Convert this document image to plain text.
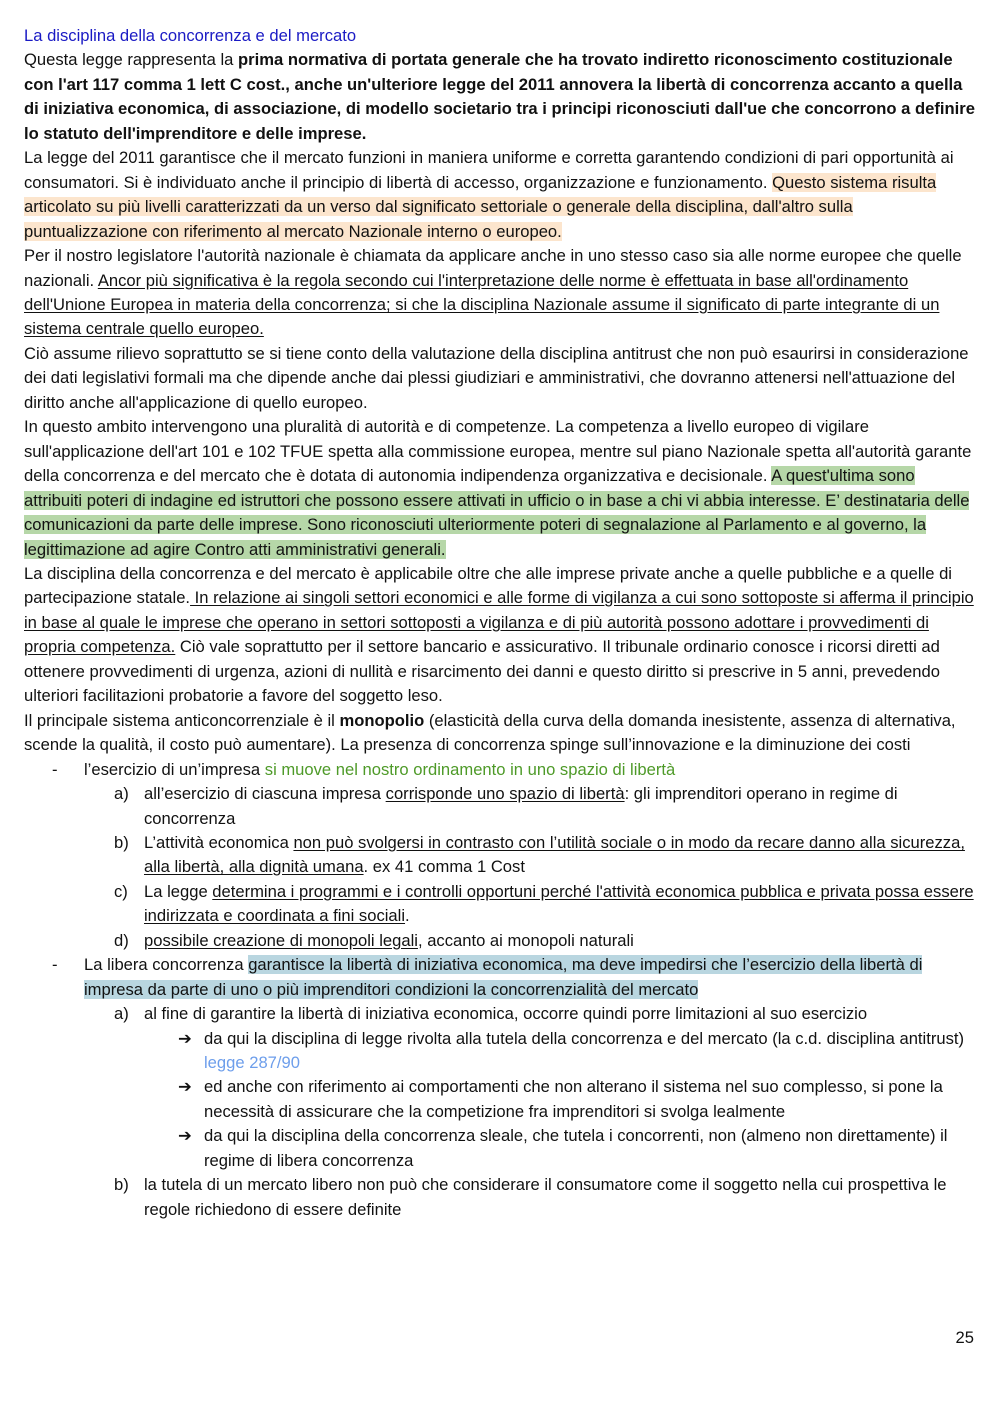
La disciplina della concorrenza e del mercato

Questa legge rappresenta la prima normativa di portata generale che ha trovato indiretto riconoscimento costituzionale con l'art 117 comma 1 lett C cost., anche un'ulteriore legge del 2011 annovera la libertà di concorrenza accanto a quella di iniziativa economica, di associazione, di modello societario tra i principi riconosciuti dall'ue che concorrono a definire lo statuto dell'imprenditore e delle imprese.

La legge del 2011 garantisce che il mercato funzioni in maniera uniforme e corretta garantendo condizioni di pari opportunità ai consumatori. Si è individuato anche il principio di libertà di accesso, organizzazione e funzionamento. Questo sistema risulta articolato su più livelli caratterizzati da un verso dal significato settoriale o generale della disciplina, dall'altro sulla puntualizzazione con riferimento al mercato Nazionale interno o europeo.

Per il nostro legislatore l'autorità nazionale è chiamata da applicare anche in uno stesso caso sia alle norme europee che quelle nazionali. Ancor più significativa è la regola secondo cui l'interpretazione delle norme è effettuata in base all'ordinamento dell'Unione Europea in materia della concorrenza; si che la disciplina Nazionale assume il significato di parte integrante di un sistema centrale quello europeo.

Ciò assume rilievo soprattutto se si tiene conto della valutazione della disciplina antitrust che non può esaurirsi in considerazione dei dati legislativi formali ma che dipende anche dai plessi giudiziari e amministrativi, che dovranno attenersi nell'attuazione del diritto anche all'applicazione di quello europeo.

In questo ambito intervengono una pluralità di autorità e di competenze. La competenza a livello europeo di vigilare sull'applicazione dell'art 101 e 102 TFUE spetta alla commissione europea, mentre sul piano Nazionale spetta all'autorità garante della concorrenza e del mercato che è dotata di autonomia indipendenza organizzativa e decisionale. A quest'ultima sono attribuiti poteri di indagine ed istruttori che possono essere attivati in ufficio o in base a chi vi abbia interesse. E’ destinataria delle comunicazioni da parte delle imprese. Sono riconosciuti ulteriormente poteri di segnalazione al Parlamento e al governo, la legittimazione ad agire Contro atti amministrativi generali.

La disciplina della concorrenza e del mercato è applicabile oltre che alle imprese private anche a quelle pubbliche e a quelle di partecipazione statale. In relazione ai singoli settori economici e alle forme di vigilanza a cui sono sottoposte si afferma il principio in base al quale le imprese che operano in settori sottoposti a vigilanza e di più autorità possono adottare i provvedimenti di propria competenza. Ciò vale soprattutto per il settore bancario e assicurativo. Il tribunale ordinario conosce i ricorsi diretti ad ottenere provvedimenti di urgenza, azioni di nullità e risarcimento dei danni e questo diritto si prescrive in 5 anni, prevedendo ulteriori facilitazioni probatorie a favore del soggetto leso.

Il principale sistema anticoncorrenziale è il monopolio (elasticità della curva della domanda inesistente, assenza di alternativa, scende la qualità, il costo può aumentare). La presenza di concorrenza spinge sull’innovazione e la diminuzione dei costi

- l’esercizio di un’impresa si muove nel nostro ordinamento in uno spazio di libertà
a) all’esercizio di ciascuna impresa corrisponde uno spazio di libertà: gli imprenditori operano in regime di concorrenza
b) L’attività economica non può svolgersi in contrasto con l’utilità sociale o in modo da recare danno alla sicurezza, alla libertà, alla dignità umana. ex 41 comma 1 Cost
c) La legge determina i programmi e i controlli opportuni perché l'attività economica pubblica e privata possa essere indirizzata e coordinata a fini sociali.
d) possibile creazione di monopoli legali, accanto ai monopoli naturali
- La libera concorrenza garantisce la libertà di iniziativa economica, ma deve impedirsi che l’esercizio della libertà di impresa da parte di uno o più imprenditori condizioni la concorrenzialità del mercato
a) al fine di garantire la libertà di iniziativa economica, occorre quindi porre limitazioni al suo esercizio
➔ da qui la disciplina di legge rivolta alla tutela della concorrenza e del mercato (la c.d. disciplina antitrust) legge 287/90
➔ ed anche con riferimento ai comportamenti che non alterano il sistema nel suo complesso, si pone la necessità di assicurare che la competizione fra imprenditori si svolga lealmente
➔ da qui la disciplina della concorrenza sleale, che tutela i concorrenti, non (almeno non direttamente) il regime di libera concorrenza
b) la tutela di un mercato libero non può che considerare il consumatore come il soggetto nella cui prospettiva le regole richiedono di essere definite
25
